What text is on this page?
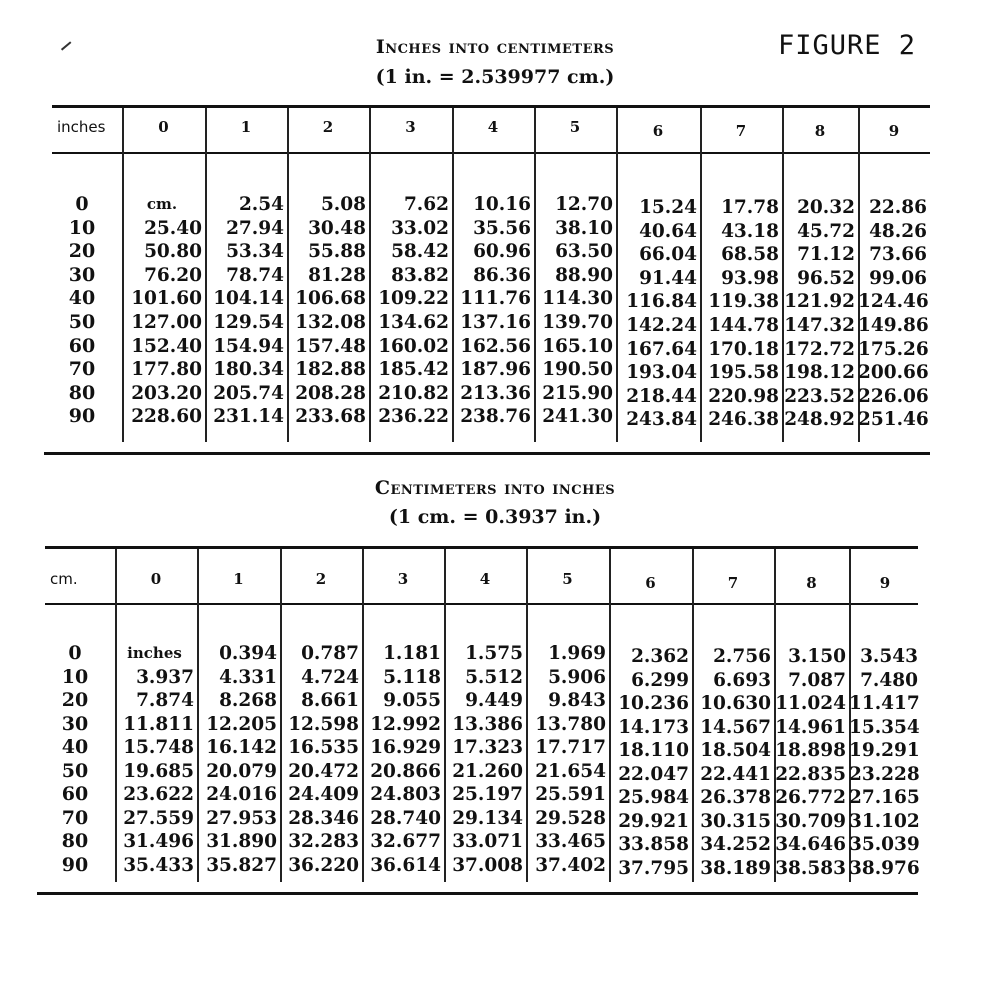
FIGURE 2
Inches into centimeters
(1 in. = 2.539977 cm.)
inches	0	1	2	3	4	5	6	7	8	9
0	cm.	2.54	5.08	7.62	10.16	12.70	15.24	17.78 20.32 22.86
10	25.40	27.94	30.48	33.02	35.56	38.10	40.64	43.18 45.72 48.26
20	50.80	53.34	55.88	58.42	60.96	63.50	66.04	68.58 71.12 73.66
30	76.20	78.74	81.28	83.82	86.36	88.90	91.44	93.98 96.52 99.06
40	101.60 104.14 106.68 109.22 111.76 114.30 116.84 119.38 121.92 124.46
50	127.00 129.54 132.08 134.62 137.16 139.70 142.24 144.78 147.32 149.86
60	152.40 154.94 157.48 160.02 162.56 165.10 167.64 170.18 172.72 175.26
70	177.80 180.34 182.88 185.42 187.96 190.50 193.04 195.58 198.12 200.66
80	203.20 205.74 208.28 210.82 213.36 215.90 218.44 220.98 223.52 226.06
90	228.60 231.14 233.68 236.22 238.76 241.30 243.84 246.38 248.92 251.46
Centimeters into inches
(1 cm. = 0.3937 in.)
cm.	0	1	2	3	4	5	6	7	8	9
0	inches	0.394	0.787	1.181	1.575	1.969	2.362	2.756 3.150 3.543
10	3.937	4.331	4.724	5.118	5.512	5.906	6.299	6.693 7.087 7.480
20	7.874	8.268	8.661	9.055	9.449	9.843 10.236 10.630 11.024 11.417
30	11.811 12.205 12.598 12.992 13.386 13.780 14.173 14.567 14.961 15.354
40	15.748 16.142 16.535 16.929 17.323 17.717 18.110 18.504 18.898 19.291
50	19.685 20.079 20.472 20.866 21.260 21.654 22.047 22.441 22.835 23.228
60	23.622 24.016 24.409 24.803 25.197 25.591 25.984 26.378 26.772 27.165
70	27.559 27.953 28.346 28.740 29.134 29.528 29.921 30.315 30.709 31.102
80	31.496 31.890 32.283 32.677 33.071 33.465 33.858 34.252 34.646 35.039
90	35.433 35.827 36.220 36.614 37.008 37.402 37.795 38.189 38.583 38.976
